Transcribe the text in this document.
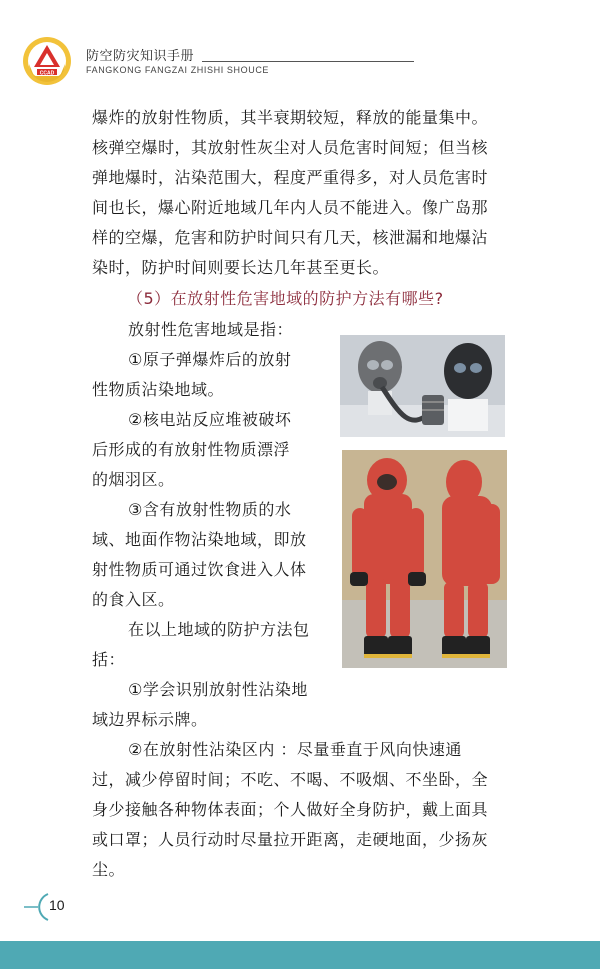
CCAD
防空防灾知识手册
FANGKONG FANGZAI ZHISHI SHOUCE
爆炸的放射性物质，其半衰期较短，释放的能量集中。
核弹空爆时，其放射性灰尘对人员危害时间短；但当核
弹地爆时，沾染范围大，程度严重得多，对人员危害时
间也长，爆心附近地域几年内人员不能进入。像广岛那
样的空爆，危害和防护时间只有几天，核泄漏和地爆沾
染时，防护时间则要长达几年甚至更长。
（5）在放射性危害地域的防护方法有哪些?
放射性危害地域是指：
①原子弹爆炸后的放射
性物质沾染地域。
②核电站反应堆被破坏
后形成的有放射性物质漂浮
的烟羽区。
③含有放射性物质的水
域、地面作物沾染地域，即放
射性物质可通过饮食进入人体
的食入区。
在以上地域的防护方法包
括：
①学会识别放射性沾染地
域边界标示牌。
②在放射性沾染区内 ：尽量垂直于风向快速通
过，减少停留时间；不吃、不喝、不吸烟、不坐卧，全
身少接触各种物体表面；个人做好全身防护，戴上面具
或口罩；人员行动时尽量拉开距离，走硬地面，少扬灰
尘。
10
